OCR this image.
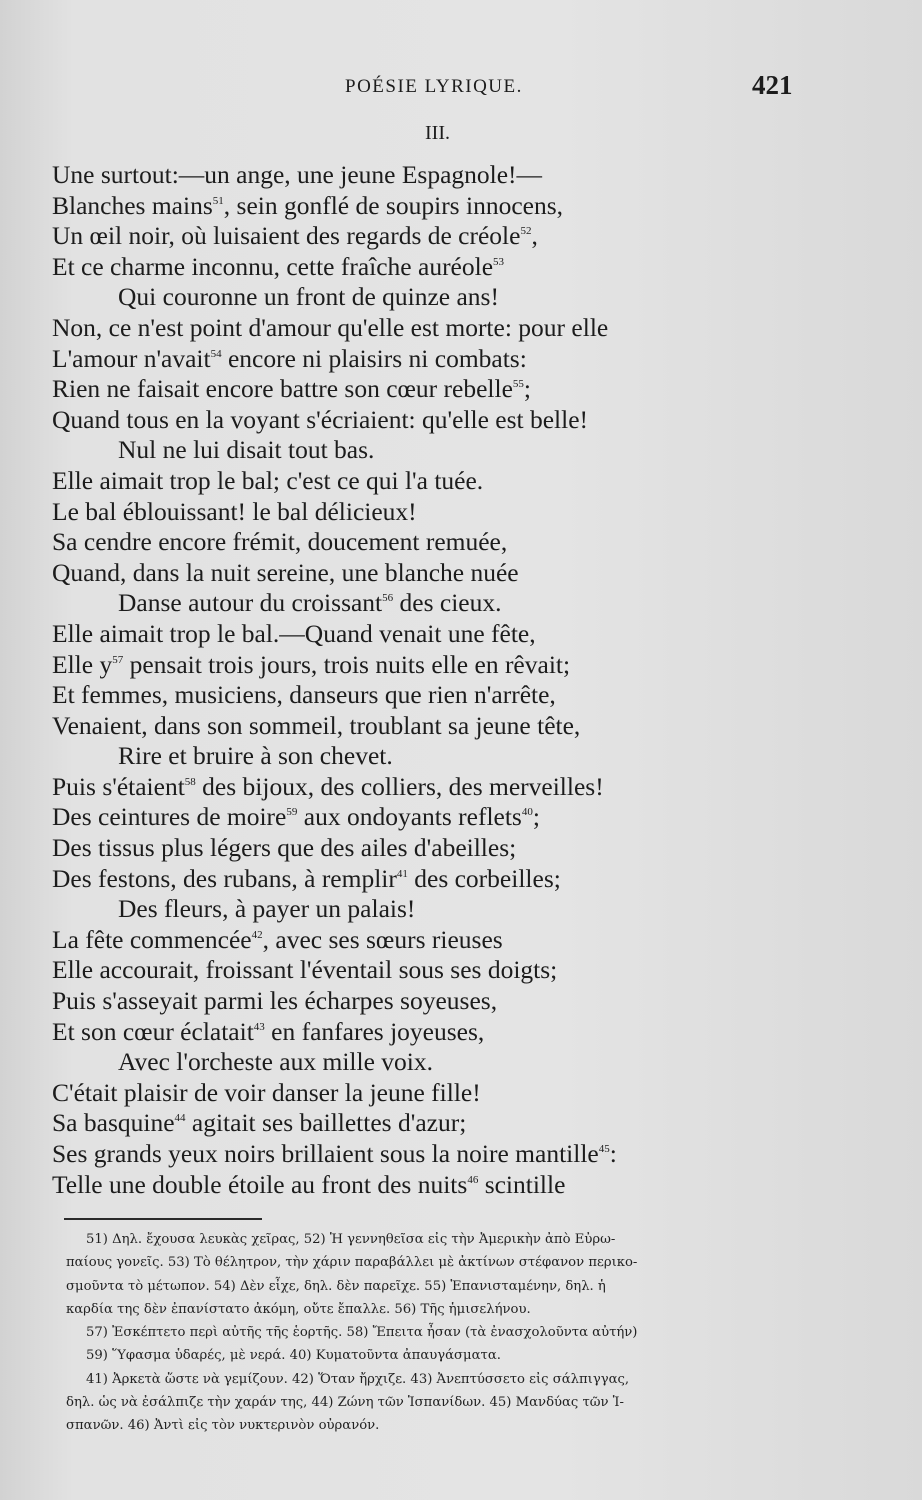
POÉSIE LYRIQUE.	421
III.
Une surtout:—un ange, une jeune Espagnole!—
Blanches mains$^{51}$, sein gonflé de soupirs innocens,
Un œil noir, où luisaient des regards de créole$^{52}$,
Et ce charme inconnu, cette fraîche auréole$^{53}$
Qui couronne un front de quinze ans!
Non, ce n'est point d'amour qu'elle est morte: pour elle
L'amour n'avait$^{54}$ encore ni plaisirs ni combats:
Rien ne faisait encore battre son cœur rebelle$^{55}$;
Quand tous en la voyant s'écriaient: qu'elle est belle!
Nul ne lui disait tout bas.
Elle aimait trop le bal; c'est ce qui l'a tuée.
Le bal éblouissant! le bal délicieux!
Sa cendre encore frémit, doucement remuée,
Quand, dans la nuit sereine, une blanche nuée
Danse autour du croissant$^{56}$ des cieux.
Elle aimait trop le bal.—Quand venait une fête,
Elle $y^{57}$ pensait trois jours, trois nuits elle en rêvait;
Et femmes, musiciens, danseurs que rien n'arrête,
Venaient, dans son sommeil, troublant sa jeune tête,
Rire et bruire à son chevet.
Puis s'étaient$^{58}$ des bijoux, des colliers, des merveilles!
Des ceintures de moire$^{59}$ aux ondoyants reflets$^{40}$;
Des tissus plus légers que des ailes d'abeilles;
Des festons, des rubans, à remplir$^{41}$ des corbeilles;
Des fleurs, à payer un palais!
La fête commencée$^{42}$, avec ses sœurs rieuses
Elle accourait, froissant l'éventail sous ses doigts;
Puis s'asseyait parmi les écharpes soyeuses,
Et son cœur éclatait$^{43}$ en fanfares joyeuses,
Avec l'orcheste aux mille voix.
C'était plaisir de voir danser la jeune fille!
Sa basquine$^{44}$ agitait ses baillettes d'azur;
Ses grands yeux noirs brillaient sous la noire mantille$^{45}$:
Telle une double étoile au front des nuits$^{46}$ scintille
51) Δηλ. ἔχουσα λευκὰς χεῖρας, 52) Ἡ γεννηθεῖσα εἰς τὴν Ἀμερικὴν ἀπὸ Εὐρω-
παίους γονεῖς. 53) Τὸ θέλητρον, τὴν χάριν παραβάλλει μὲ ἀκτίνων στέφανον περικο-
σμοῦντα τὸ μέτωπον. 54) Δὲν εἶχε, δηλ. δὲν παρεῖχε. 55) Ἐπανισταμένην, δηλ. ἡ
καρδία της δὲν ἐπανίστατο ἀκόμη, οὔτε ἔπαλλε. 56) Τῆς ἡμισελήνου.
57) Ἐσκέπτετο περὶ αὐτῆς τῆς ἑορτῆς. 58) Ἔπειτα ἦσαν (τὰ ἐνασχολοῦντα αὐτήν)
59) Ὕφασμα ὑδαρές, μὲ νερά. 40) Κυματοῦντα ἀπαυγάσματα.
41) Ἀρκετὰ ὥστε νὰ γεμίζουν. 42) Ὅταν ἤρχιζε. 43) Ἀνεπτύσσετο εἰς σάλπιγγας,
δηλ. ὡς νὰ ἐσάλπιζε τὴν χαράν της, 44) Ζώνη τῶν Ἱσπανίδων. 45) Μανδύας τῶν Ἱ-
σπανῶν. 46) Ἀντὶ εἰς τὸν νυκτερινὸν οὐρανόν.
